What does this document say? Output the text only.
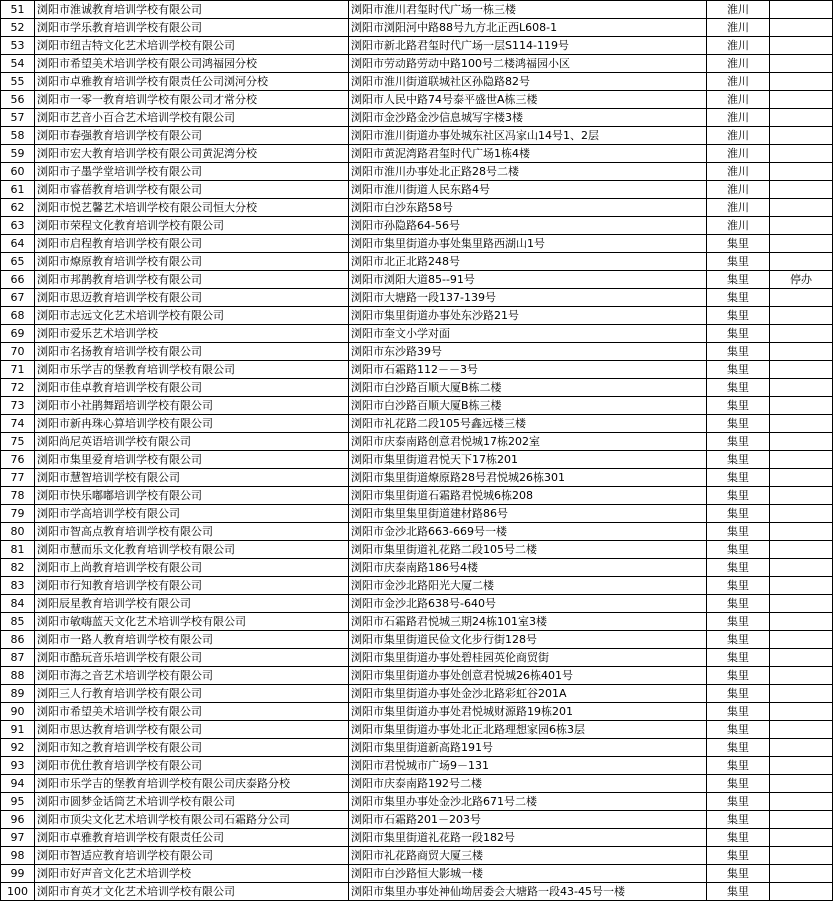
51	浏阳市淮诚教育培训学校有限公司	浏阳市淮川君玺时代广场一栋三楼	淮川	
52	浏阳市学乐教育培训学校有限公司	浏阳市浏阳河中路88号九方北正西L608-1	淮川	
53	浏阳市纽吉特文化艺术培训学校有限公司	浏阳市新北路君玺时代广场一层S114-119号	淮川	
54	浏阳市希望美术培训学校有限公司鸿福园分校	浏阳市劳动路劳动中路100号二楼鸿福园小区	淮川	
55	浏阳市卓雅教育培训学校有限责任公司浏河分校	浏阳市淮川街道联城社区孙隐路82号	淮川	
56	浏阳市一零一教育培训学校有限公司才常分校	浏阳市人民中路74号泰平盛世A栋三楼	淮川	
57	浏阳市艺音小百合艺术培训学校有限公司	浏阳市金沙路金沙信息城写字楼3楼	淮川	
58	浏阳市春强教育培训学校有限公司	浏阳市淮川街道办事处城东社区冯家山14号1、2层	淮川	
59	浏阳市宏大教育培训学校有限公司黄泥湾分校	浏阳市黄泥湾路君玺时代广场1栋4楼	淮川	
60	浏阳市子墨学堂培训学校有限公司	浏阳市淮川办事处北正路28号二楼	淮川	
61	浏阳市睿蓓教育培训学校有限公司	浏阳市淮川街道人民东路4号	淮川	
62	浏阳市悦艺馨艺术培训学校有限公司恒大分校	浏阳市白沙东路58号	淮川	
63	浏阳市荣程文化教育培训学校有限公司	浏阳市孙隐路64-56号	淮川	
64	浏阳市启程教育培训学校有限公司	浏阳市集里街道办事处集里路西湖山1号	集里	
65	浏阳市燎原教育培训学校有限公司	浏阳市北正北路248号	集里	
66	浏阳市邦鹊教育培训学校有限公司	浏阳市浏阳大道85--91号	集里	停办
67	浏阳市思迈教育培训学校有限公司	浏阳市大塘路一段137-139号	集里	
68	浏阳市志远文化艺术培训学校有限公司	浏阳市集里街道办事处东沙路21号	集里	
69	浏阳市爱乐艺术培训学校	浏阳市奎文小学对面	集里	
70	浏阳市名扬教育培训学校有限公司	浏阳市东沙路39号	集里	
71	浏阳市乐学吉的堡教育培训学校有限公司	浏阳市石霜路112－－3号	集里	
72	浏阳市佳卓教育培训学校有限公司	浏阳市白沙路百顺大厦B栋二楼	集里	
73	浏阳市小社鹃舞蹈培训学校有限公司	浏阳市白沙路百顺大厦B栋三楼	集里	
74	浏阳市新冉珠心算培训学校有限公司	浏阳市礼花路二段105号鑫远楼三楼	集里	
75	浏阳尚尼英语培训学校有限公司	浏阳市庆泰南路创意君悦城17栋202室	集里	
76	浏阳市集里爱育培训学校有限公司	浏阳市集里街道君悦天下17栋201	集里	
77	浏阳市慧智培训学校有限公司	浏阳市集里街道燎原路28号君悦城26栋301	集里	
78	浏阳市快乐嘟嘟培训学校有限公司	浏阳市集里街道石霜路君悦城6栋208	集里	
79	浏阳市学高培训学校有限公司	浏阳市集里集里街道建材路86号	集里	
80	浏阳市智高点教育培训学校有限公司	浏阳市金沙北路663-669号一楼	集里	
81	浏阳市慧而乐文化教育培训学校有限公司	浏阳市集里街道礼花路二段105号二楼	集里	
82	浏阳市上尚教育培训学校有限公司	浏阳市庆泰南路186号4楼	集里	
83	浏阳市行知教育培训学校有限公司	浏阳市金沙北路阳光大厦二楼	集里	
84	浏阳辰星教育培训学校有限公司	浏阳市金沙北路638号-640号	集里	
85	浏阳市敏嗨蓝天文化艺术培训学校有限公司	浏阳市石霜路君悦城三期24栋101室3楼	集里	
86	浏阳市一路人教育培训学校有限公司	浏阳市集里街道民俭文化步行街128号	集里	
87	浏阳市酷玩音乐培训学校有限公司	浏阳市集里街道办事处碧桂园英伦商贸街	集里	
88	浏阳市海之音艺术培训学校有限公司	浏阳市集里街道办事处创意君悦城26栋401号	集里	
89	浏阳三人行教育培训学校有限公司	浏阳市集里街道办事处金沙北路彩虹谷201A	集里	
90	浏阳市希望美术培训学校有限公司	浏阳市集里街道办事处君悦城财源路19栋201	集里	
91	浏阳市思达教育培训学校有限公司	浏阳市集里街道办事处北正北路理想家园6栋3层	集里	
92	浏阳市知之教育培训学校有限公司	浏阳市集里街道新高路191号	集里	
93	浏阳市优仕教育培训学校有限公司	浏阳市君悦城市广场9－131	集里	
94	浏阳市乐学吉的堡教育培训学校有限公司庆泰路分校	浏阳市庆泰南路192号二楼	集里	
95	浏阳市圆梦金话筒艺术培训学校有限公司	浏阳市集里办事处金沙北路671号二楼	集里	
96	浏阳市顶尖文化艺术培训学校有限公司石霜路分公司	浏阳市石霜路201－203号	集里	
97	浏阳市卓雅教育培训学校有限责任公司	浏阳市集里街道礼花路一段182号	集里	
98	浏阳市智适应教育培训学校有限公司	浏阳市礼花路商贸大厦三楼	集里	
99	浏阳市好声音文化艺术培训学校	浏阳市白沙路恒大影城一楼	集里	
100	浏阳市育英才文化艺术培训学校有限公司	浏阳市集里办事处神仙坳居委会大塘路一段43-45号一楼	集里	
